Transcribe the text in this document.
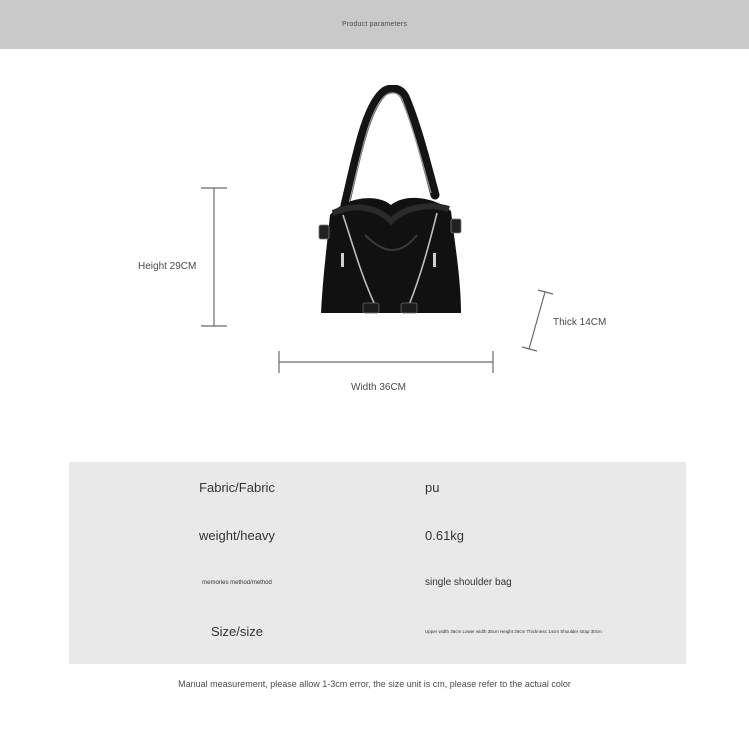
Product parameters
Height 29CM
Width 36CM
Thick 14CM
Fabric/Fabric	pu
weight/heavy	0.61kg
memories method/method	single shoulder bag
Size/size	Upper width 36cm Lower width 35cm Height 29cm Thickness 14cm Shoulder strap 30cm
Manual measurement, please allow 1-3cm error, the size unit is cm, please refer to the actual color
